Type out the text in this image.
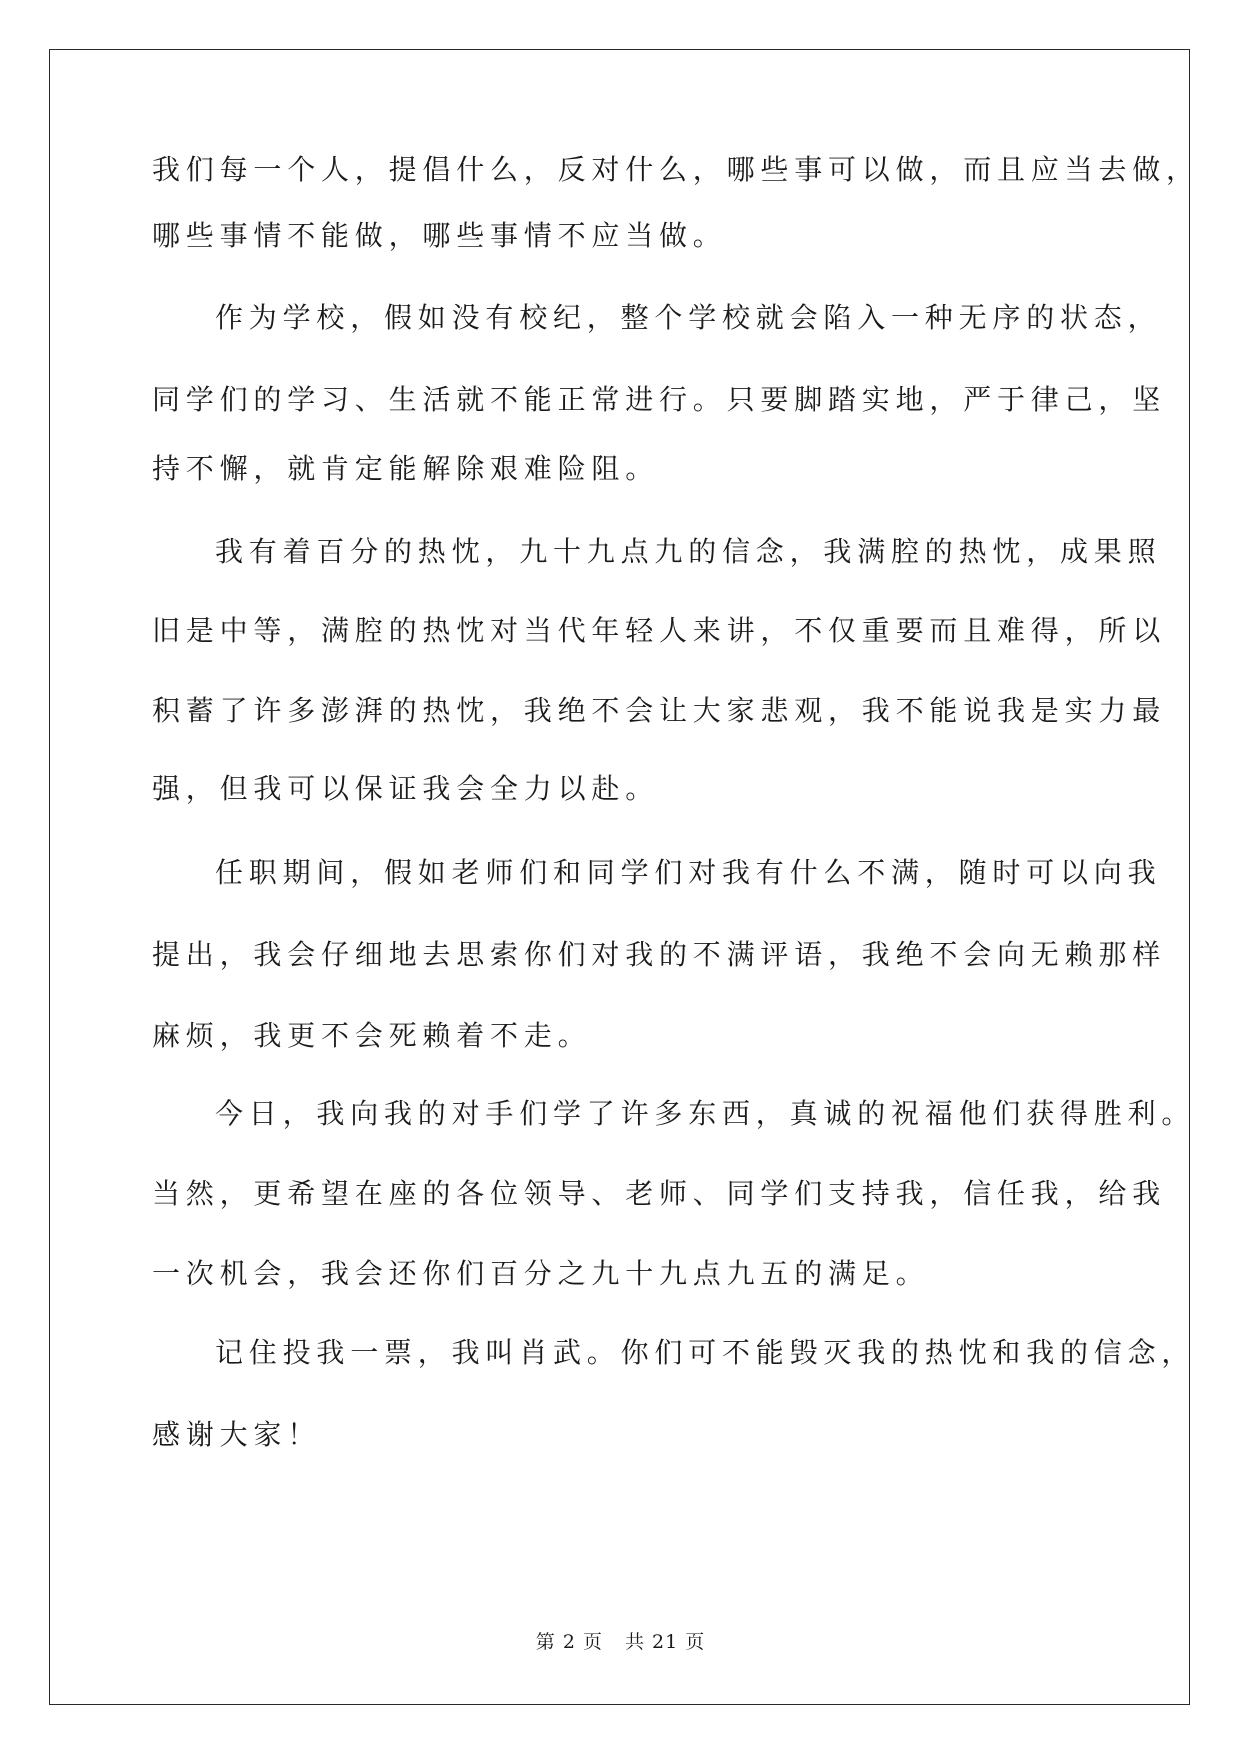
我们每一个人，提倡什么，反对什么，哪些事可以做，而且应当去做，
哪些事情不能做，哪些事情不应当做。
作为学校，假如没有校纪，整个学校就会陷入一种无序的状态，
同学们的学习、生活就不能正常进行。只要脚踏实地，严于律己，坚
持不懈，就肯定能解除艰难险阻。
我有着百分的热忱，九十九点九的信念，我满腔的热忱，成果照
旧是中等，满腔的热忱对当代年轻人来讲，不仅重要而且难得，所以
积蓄了许多澎湃的热忱，我绝不会让大家悲观，我不能说我是实力最
强，但我可以保证我会全力以赴。
任职期间，假如老师们和同学们对我有什么不满，随时可以向我
提出，我会仔细地去思索你们对我的不满评语，我绝不会向无赖那样
麻烦，我更不会死赖着不走。
今日，我向我的对手们学了许多东西，真诚的祝福他们获得胜利。
当然，更希望在座的各位领导、老师、同学们支持我，信任我，给我
一次机会，我会还你们百分之九十九点九五的满足。
记住投我一票，我叫肖武。你们可不能毁灭我的热忱和我的信念，
感谢大家！
第 2 页 共 21 页
